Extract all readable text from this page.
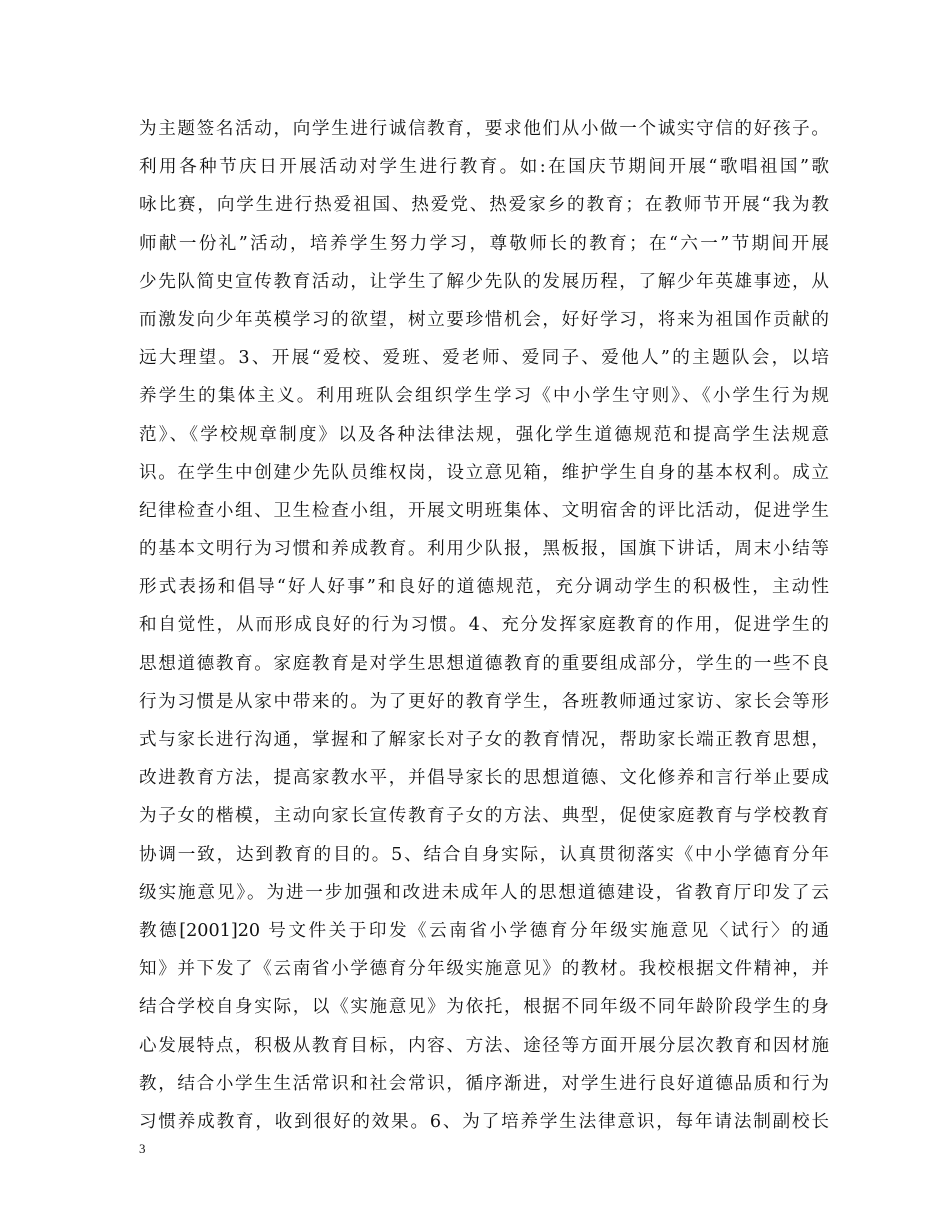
为主题签名活动，向学生进行诚信教育，要求他们从小做一个诚实守信的好孩子。
利用各种节庆日开展活动对学生进行教育。如:在国庆节期间开展“歌唱祖国”歌
咏比赛，向学生进行热爱祖国、热爱党、热爱家乡的教育；在教师节开展“我为教
师献一份礼”活动，培养学生努力学习，尊敬师长的教育；在“六一”节期间开展
少先队简史宣传教育活动，让学生了解少先队的发展历程，了解少年英雄事迹，从
而激发向少年英模学习的欲望，树立要珍惜机会，好好学习，将来为祖国作贡献的
远大理望。3、开展“爱校、爱班、爱老师、爱同子、爱他人”的主题队会，以培
养学生的集体主义。利用班队会组织学生学习《中小学生守则》、《小学生行为规
范》、《学校规章制度》以及各种法律法规，强化学生道德规范和提高学生法规意
识。在学生中创建少先队员维权岗，设立意见箱，维护学生自身的基本权利。成立
纪律检查小组、卫生检查小组，开展文明班集体、文明宿舍的评比活动，促进学生
的基本文明行为习惯和养成教育。利用少队报，黑板报，国旗下讲话，周末小结等
形式表扬和倡导“好人好事”和良好的道德规范，充分调动学生的积极性，主动性
和自觉性，从而形成良好的行为习惯。4、充分发挥家庭教育的作用，促进学生的
思想道德教育。家庭教育是对学生思想道德教育的重要组成部分，学生的一些不良
行为习惯是从家中带来的。为了更好的教育学生，各班教师通过家访、家长会等形
式与家长进行沟通，掌握和了解家长对子女的教育情况，帮助家长端正教育思想，
改进教育方法，提高家教水平，并倡导家长的思想道德、文化修养和言行举止要成
为子女的楷模，主动向家长宣传教育子女的方法、典型，促使家庭教育与学校教育
协调一致，达到教育的目的。5、结合自身实际，认真贯彻落实《中小学德育分年
级实施意见》。为进一步加强和改进未成年人的思想道德建设，省教育厅印发了云
教德[2001]20 号文件关于印发《云南省小学德育分年级实施意见〈试行〉的通
知》并下发了《云南省小学德育分年级实施意见》的教材。我校根据文件精神，并
结合学校自身实际，以《实施意见》为依托，根据不同年级不同年龄阶段学生的身
心发展特点，积极从教育目标，内容、方法、途径等方面开展分层次教育和因材施
教，结合小学生生活常识和社会常识，循序渐进，对学生进行良好道德品质和行为
习惯养成教育，收到很好的效果。6、为了培养学生法律意识，每年请法制副校长
3
